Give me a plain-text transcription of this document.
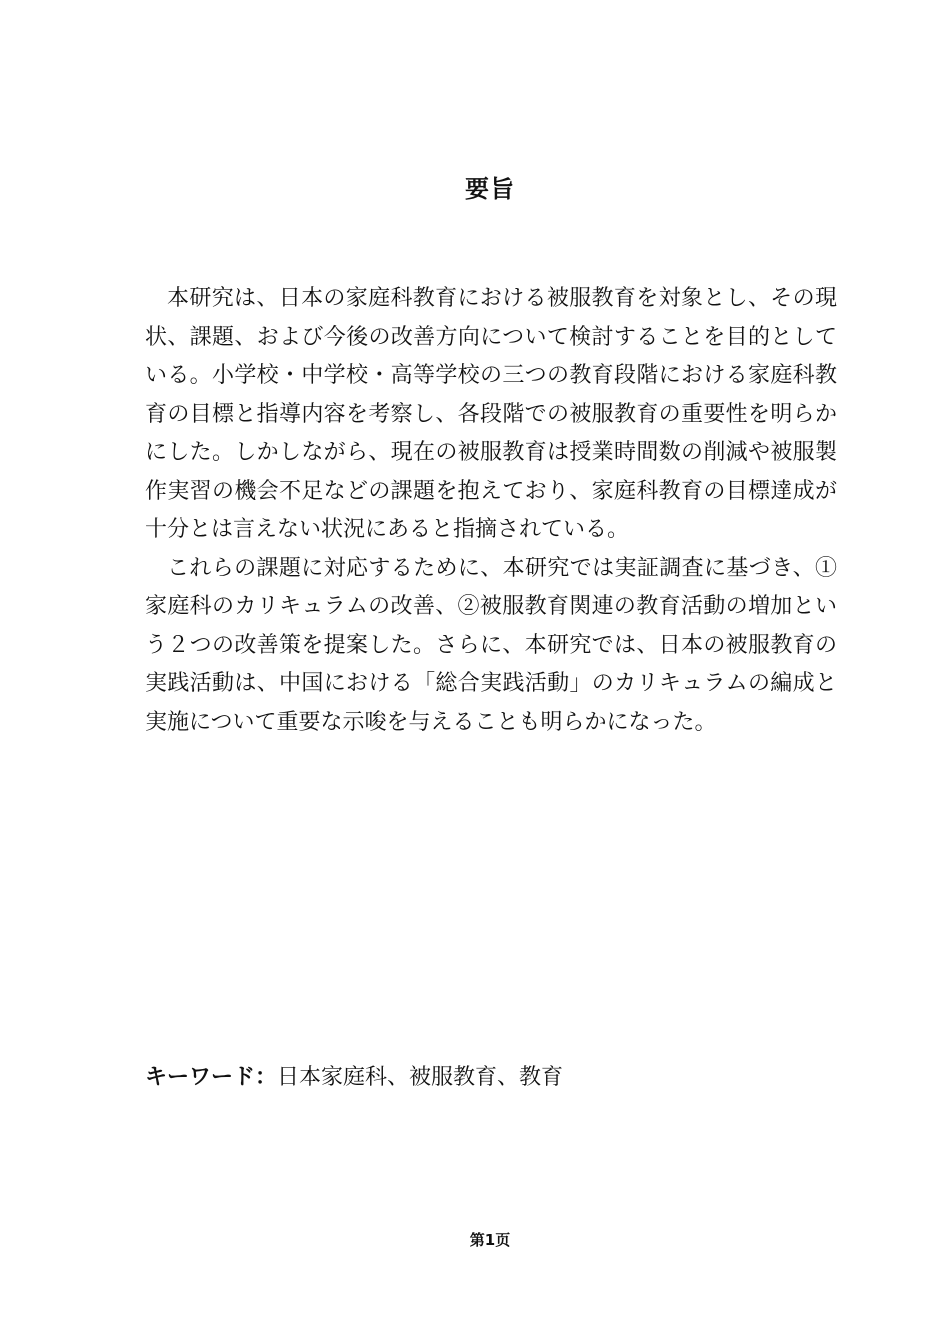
要旨

本研究は、日本の家庭科教育における被服教育を対象とし、その現状、課題、および今後の改善方向について検討することを目的としている。小学校・中学校・高等学校の三つの教育段階における家庭科教育の目標と指導内容を考察し、各段階での被服教育の重要性を明らかにした。しかしながら、現在の被服教育は授業時間数の削減や被服製作実習の機会不足などの課題を抱えており、家庭科教育の目標達成が十分とは言えない状況にあると指摘されている。

これらの課題に対応するために、本研究では実証調査に基づき、①家庭科のカリキュラムの改善、②被服教育関連の教育活動の増加という２つの改善策を提案した。さらに、本研究では、日本の被服教育の実践活動は、中国における「総合実践活動」のカリキュラムの編成と実施について重要な示唆を与えることも明らかになった。

キーワード：日本家庭科、被服教育、教育
第1页
